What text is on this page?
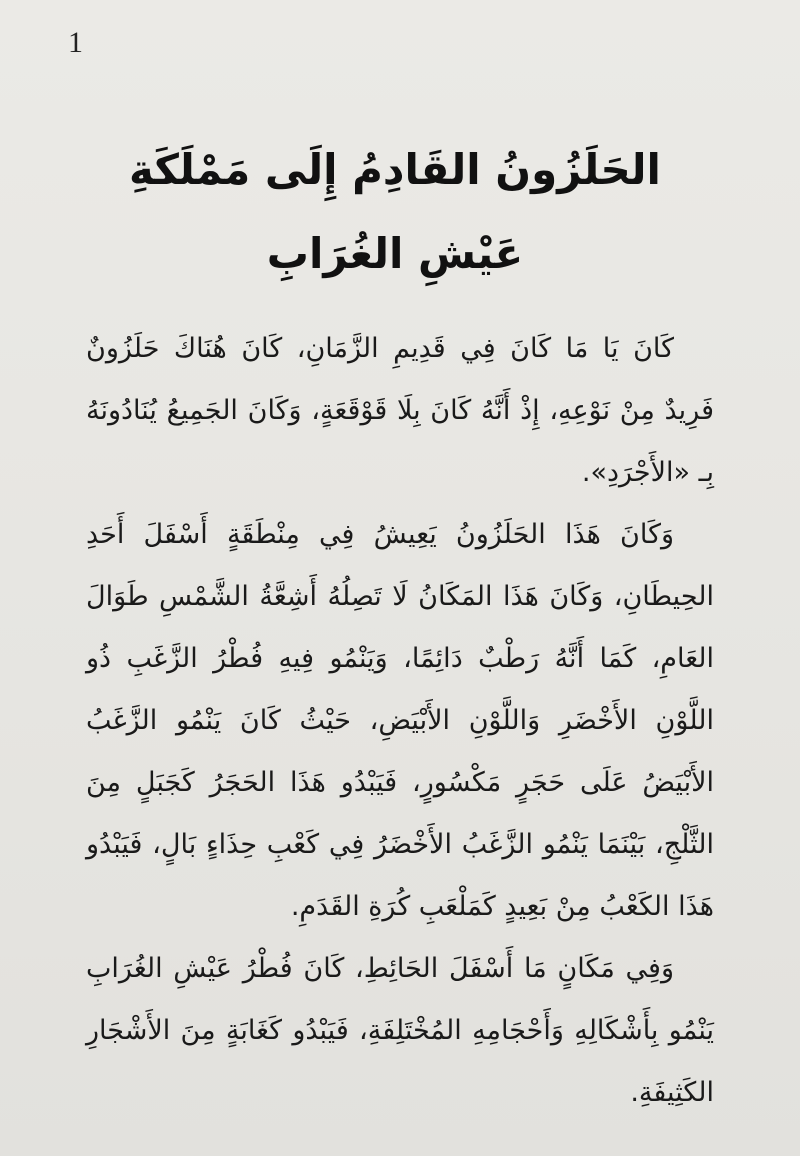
1
الحَلَزُونُ القَادِمُ إِلَى مَمْلَكَةِ عَيْشِ الغُرَابِ

كَانَ يَا مَا كَانَ فِي قَدِيمِ الزَّمَانِ، كَانَ هُنَاكَ حَلَزُونٌ فَرِيدٌ مِنْ نَوْعِهِ، إِذْ أَنَّهُ كَانَ بِلَا قَوْقَعَةٍ، وَكَانَ الجَمِيعُ يُنَادُونَهُ بِـ «الأَجْرَدِ».

وَكَانَ هَذَا الحَلَزُونُ يَعِيشُ فِي مِنْطَقَةٍ أَسْفَلَ أَحَدِ الحِيطَانِ، وَكَانَ هَذَا المَكَانُ لَا تَصِلُهُ أَشِعَّةُ الشَّمْسِ طَوَالَ العَامِ، كَمَا أَنَّهُ رَطْبٌ دَائِمًا، وَيَنْمُو فِيهِ فُطْرُ الزَّغَبِ ذُو اللَّوْنِ الأَخْضَرِ وَاللَّوْنِ الأَبْيَضِ، حَيْثُ كَانَ يَنْمُو الزَّغَبُ الأَبْيَضُ عَلَى حَجَرٍ مَكْسُورٍ، فَيَبْدُو هَذَا الحَجَرُ كَجَبَلٍ مِنَ الثَّلْجِ، بَيْنَمَا يَنْمُو الزَّغَبُ الأَخْضَرُ فِي كَعْبِ حِذَاءٍ بَالٍ، فَيَبْدُو هَذَا الكَعْبُ مِنْ بَعِيدٍ كَمَلْعَبِ كُرَةِ القَدَمِ.

وَفِي مَكَانٍ مَا أَسْفَلَ الحَائِطِ، كَانَ فُطْرُ عَيْشِ الغُرَابِ يَنْمُو بِأَشْكَالِهِ وَأَحْجَامِهِ المُخْتَلِفَةِ، فَيَبْدُو كَغَابَةٍ مِنَ الأَشْجَارِ الكَثِيفَةِ.
